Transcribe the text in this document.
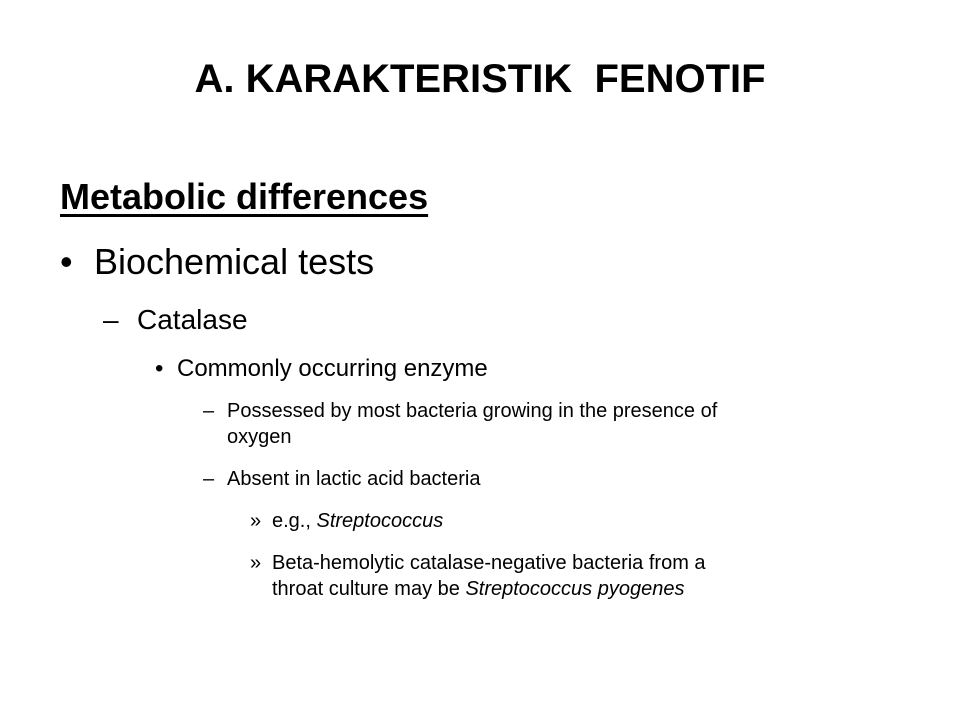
A. KARAKTERISTIK  FENOTIF
Metabolic differences
• Biochemical tests
– Catalase
• Commonly occurring enzyme
– Possessed by most bacteria growing in the presence of
oxygen
– Absent in lactic acid bacteria
» e.g., Streptococcus
» Beta-hemolytic catalase-negative bacteria from a
throat culture may be Streptococcus pyogenes
